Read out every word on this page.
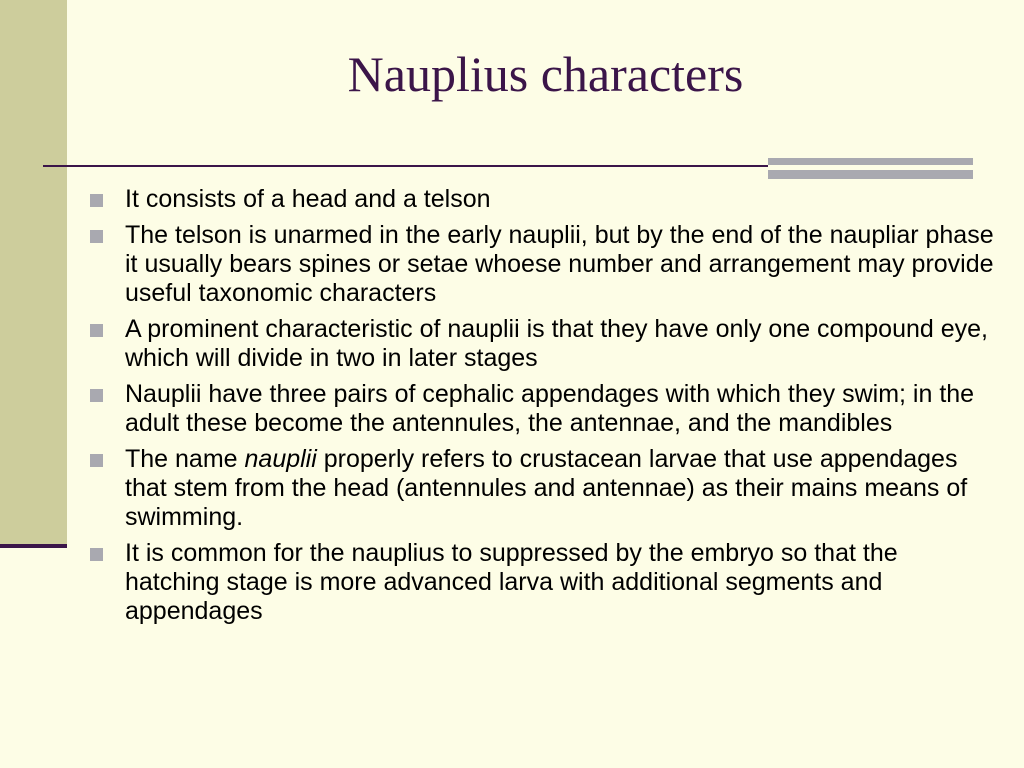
Nauplius characters
It consists of a head and a telson
The telson is unarmed in the early nauplii, but by the end of the naupliar phase it usually bears spines or setae whoese number and arrangement may provide useful taxonomic characters
A prominent characteristic of nauplii is that they have only one compound eye, which will divide in two in later stages
Nauplii have three pairs of cephalic appendages with which they swim; in the adult these become the antennules, the antennae, and the mandibles
The name nauplii properly refers to crustacean larvae that use appendages that stem from the head (antennules and antennae) as their mains means of swimming.
It is common for the nauplius to suppressed by the embryo so that the hatching stage is more advanced larva with additional segments and appendages
